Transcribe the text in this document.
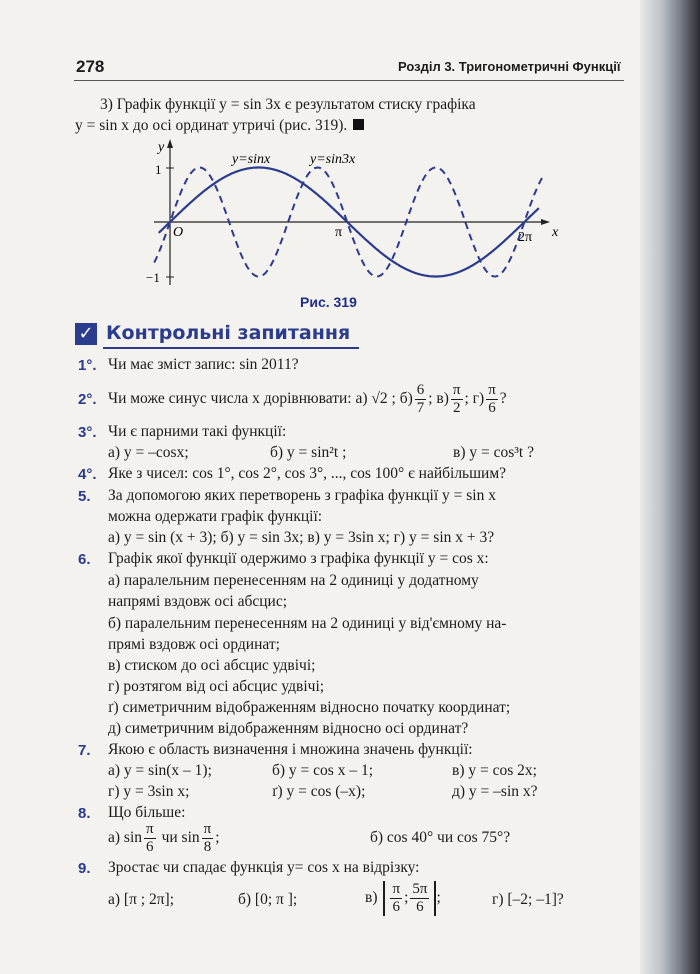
278	Розділ 3. Тригонометричні Функції
3) Графік функції y = sin 3x є результатом стиску графіка
y = sin x до осі ординат утричі (рис. 319).
y
x
1
−1
O	π	2π
y=sinx	y=sin3x
Рис. 319
✓ Контрольні запитання
1°. Чи має зміст запис: sin 2011?
2°. Чи може синус числа x дорівнювати: а) √2 ; $б) \frac{6}{7}$ ; $в) \frac{\pi}{2}$ ; $г) \frac{\pi}{6}$ ?
3°. Чи є парними такі функції:
а) y = –cosx;	б) y = sin²t ;	в) y = cos³t ?
4°. Яке з чисел: cos 1°, cos 2°, cos 3°, ..., cos 100° є найбільшим?
5. За допомогою яких перетворень з графіка функції y = sin x
можна одержати графік функції:
а) y = sin (x + 3); б) y = sin 3x; в) y = 3sin x; г) y = sin x + 3?
6. Графік якої функції одержимо з графіка функції y = cos x:
а) паралельним перенесенням на 2 одиниці у додатному
напрямі вздовж осі абсцис;
б) паралельним перенесенням на 2 одиниці у від'ємному на-
прямі вздовж осі ординат;
в) стиском до осі абсцис удвічі;
г) розтягом від осі абсцис удвічі;
ґ) симетричним відображенням відносно початку координат;
д) симетричним відображенням відносно осі ординат?
7. Якою є область визначення і множина значень функції:
а) y = sin(x – 1);	б) y = cos x – 1;	в) y = cos 2x;
г) y = 3sin x;	ґ) y = cos (–x);	д) y = –sin x?
8. Що більше:
а) $\sin \frac{\pi}{6}$ чи $\sin \frac{\pi}{8}$ ;	б) cos 40° чи cos 75°?
9. Зростає чи спадає функція y= cos x на відрізку:
а) [π ; 2π];	б) [0; π ];	$в) \frac{\pi}{6}$ ; $\frac{5\pi}{6}$ ;	г) [–2; –1]?
